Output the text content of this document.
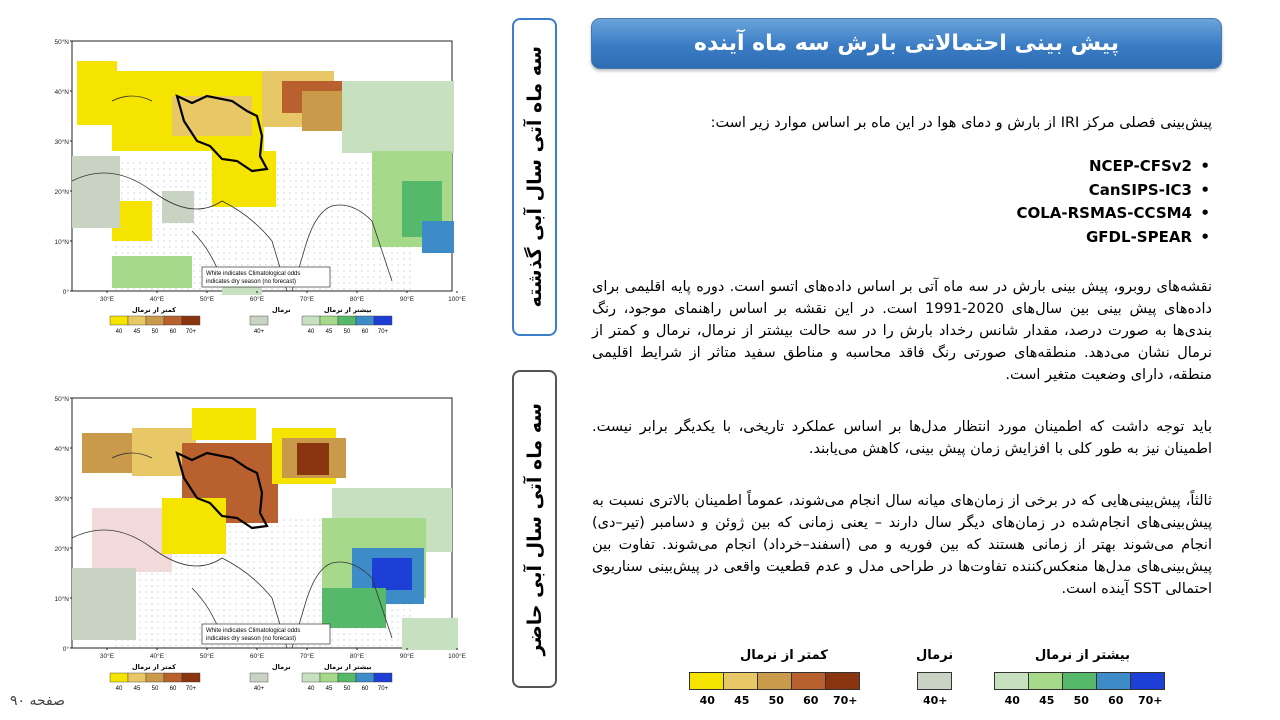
پیش بینی احتمالاتی بارش سه ماه آینده
پیش‌بینی فصلی مرکز IRI از بارش و دمای هوا در این ماه بر اساس موارد زیر است:
• NCEP-CFSv2
• CanSIPS-IC3
• COLA-RSMAS-CCSM4
• GFDL-SPEAR
نقشه‌های روبرو، پیش بینی بارش در سه ماه آتی بر اساس داده‌های اتسو است. دوره پایه اقلیمی برای داده‌های پیش بینی بین سال‌های 2020-1991 است. در این نقشه بر اساس راهنمای موجود، رنگ بندی‌ها به صورت درصد، مقدار شانس رخداد بارش را در سه حالت بیشتر از نرمال، نرمال و کمتر از نرمال نشان می‌دهد. منطقه‌های صورتی رنگ فاقد محاسبه و مناطق سفید متاثر از شرایط اقلیمی منطقه، دارای وضعیت متغیر است.
باید توجه داشت که اطمینان مورد انتظار مدل‌ها بر اساس عملکرد تاریخی، با یکدیگر برابر نیست. اطمینان نیز به طور کلی با افزایش زمان پیش بینی، کاهش می‌یابند.
ثالثاً، پیش‌بینی‌هایی که در برخی از زمان‌های میانه سال انجام می‌شوند، عموماً اطمینان بالاتری نسبت به پیش‌بینی‌های انجام‌شده در زمان‌های دیگر سال دارند – یعنی زمانی که بین ژوئن و دسامبر (تیر–دی) انجام می‌شوند بهتر از زمانی هستند که بین فوریه و می (اسفند–خرداد) انجام می‌شوند. تفاوت بین پیش‌بینی‌های مدل‌ها منعکس‌کننده تفاوت‌ها در طراحی مدل و عدم قطعیت واقعی در پیش‌بینی سناریوی احتمالی SST آینده است.
سه ماه آتی سال آبی گذشته
سه ماه آتی سال آبی حاضر
White indicates Climatological odds
indicates dry season (no forecast)
50°N
40°N
30°N
20°N
10°N
0°
30°E	40°E	50°E	60°E	70°E	80°E	90°E	100°E
کمتر از نرمال
40 45 50 60 70+
نرمال
40+
بیشتر از نرمال
40 45 50 60 70+
White indicates Climatological odds
indicates dry season (no forecast)
50°N
40°N
30°N
20°N
10°N
0°
30°E	40°E	50°E	60°E	70°E	80°E	90°E	100°E
کمتر از نرمال
40 45 50 60 70+
نرمال
40+
بیشتر از نرمال
40 45 50 60 70+
صفحه ۹۰
کمتر از نرمال
40	45	50	60	70+
نرمال
40+
بیشتر از نرمال
40	45	50	60	70+
